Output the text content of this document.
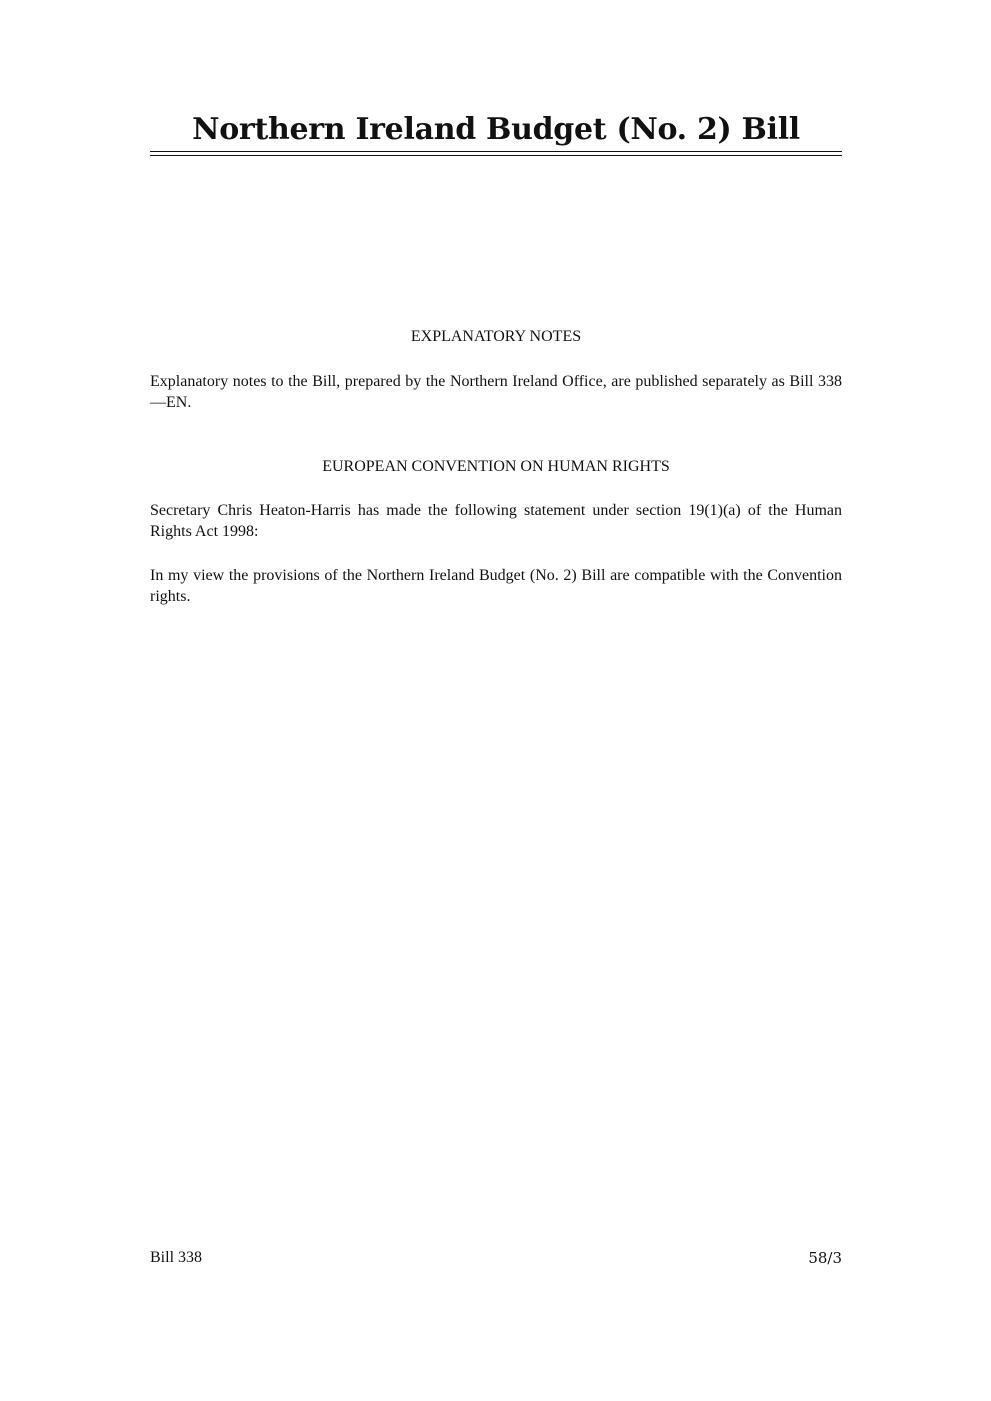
Northern Ireland Budget (No. 2) Bill
EXPLANATORY NOTES

Explanatory notes to the Bill, prepared by the Northern Ireland Office, are published separately as Bill 338—EN.

EUROPEAN CONVENTION ON HUMAN RIGHTS

Secretary Chris Heaton-Harris has made the following statement under section 19(1)(a) of the Human Rights Act 1998:

In my view the provisions of the Northern Ireland Budget (No. 2) Bill are compatible with the Convention rights.

Bill 338	58/3
